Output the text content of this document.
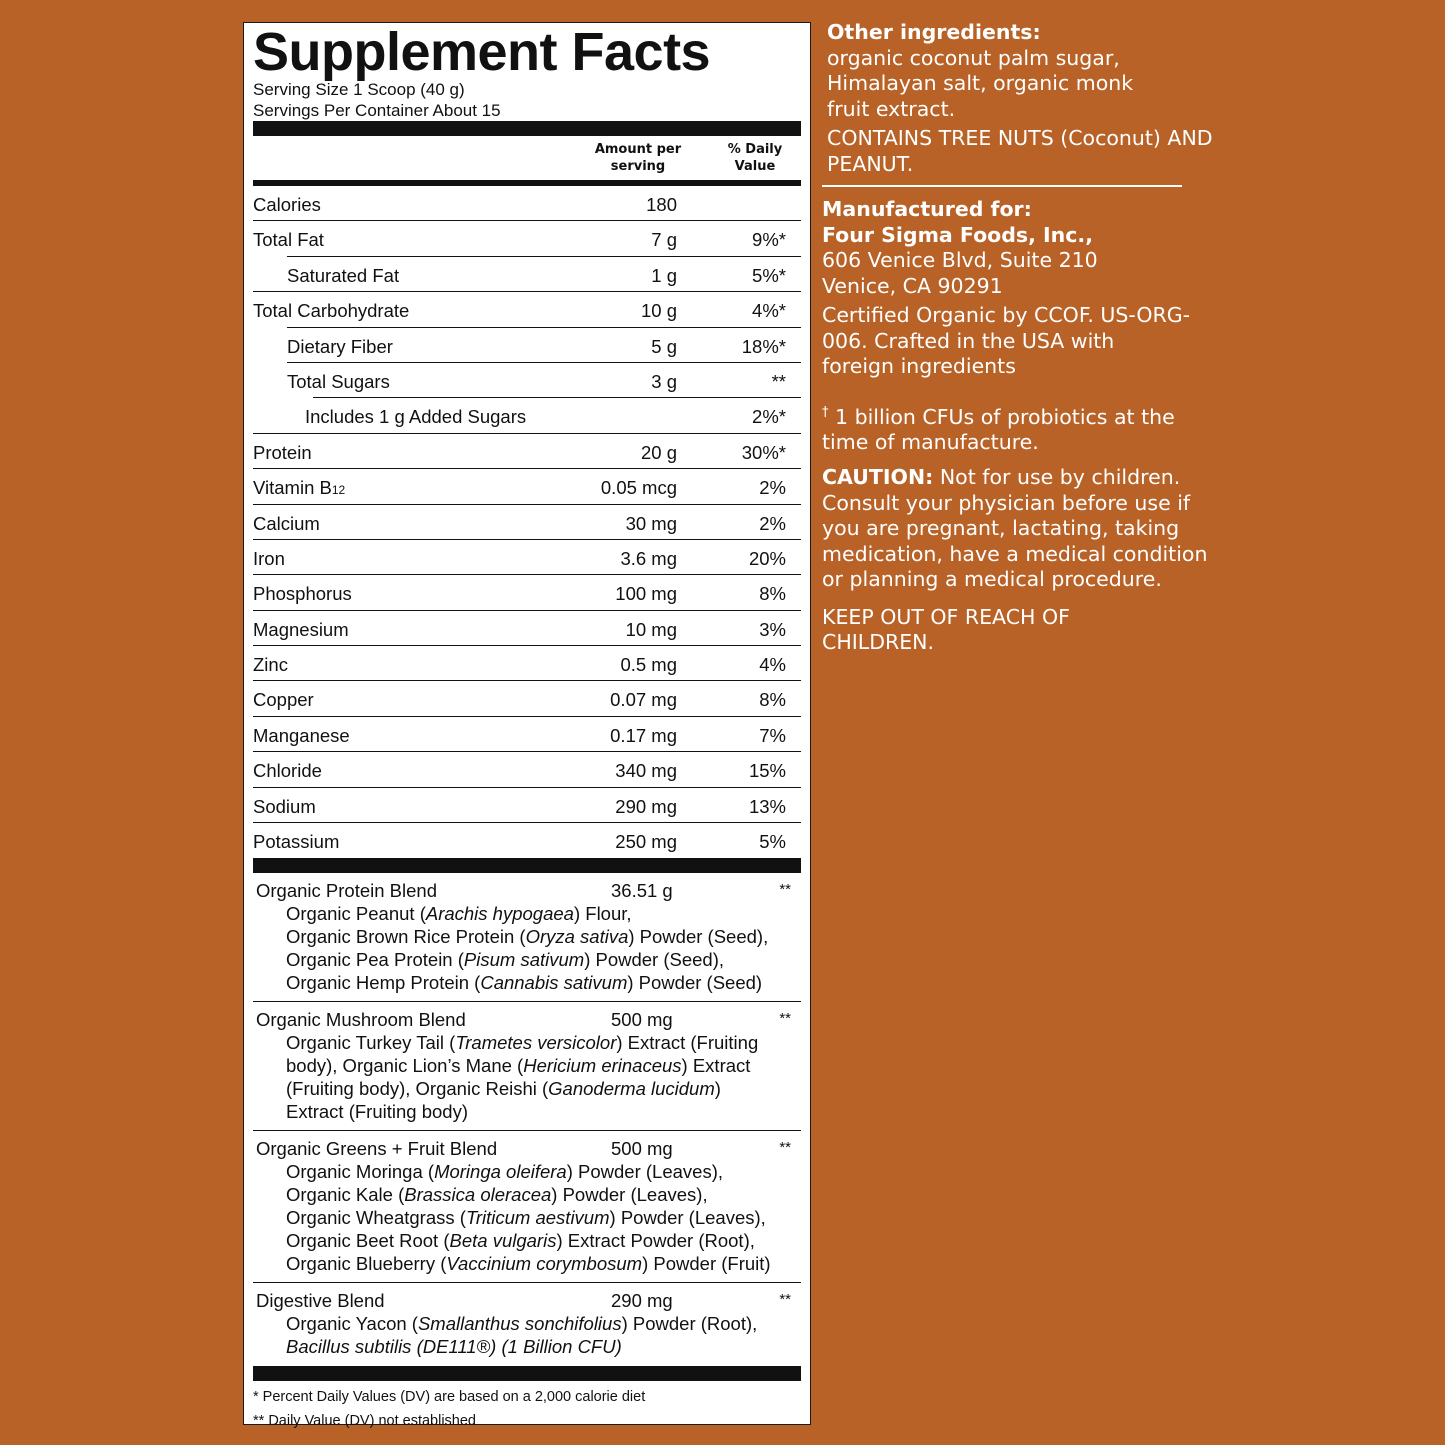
Supplement Facts
Serving Size 1 Scoop (40 g)
Servings Per Container About 15
Amount per
serving
% Daily
Value
Calories	180
Total Fat	7 g	9%*
Saturated Fat	1 g	5%*
Total Carbohydrate	10 g	4%*
Dietary Fiber	5 g	18%*
Total Sugars	3 g	**
Includes 1 g Added Sugars	2%*
Protein	20 g	30%*
Vitamin B12	0.05 mcg	2%
Calcium	30 mg	2%
Iron	3.6 mg	20%
Phosphorus	100 mg	8%
Magnesium	10 mg	3%
Zinc	0.5 mg	4%
Copper	0.07 mg	8%
Manganese	0.17 mg	7%
Chloride	340 mg	15%
Sodium	290 mg	13%
Potassium	250 mg	5%
Organic Protein Blend	36.51 g	**
Organic Peanut (Arachis hypogaea) Flour,
Organic Brown Rice Protein (Oryza sativa) Powder (Seed),
Organic Pea Protein (Pisum sativum) Powder (Seed),
Organic Hemp Protein (Cannabis sativum) Powder (Seed)
Organic Mushroom Blend	500 mg	**
Organic Turkey Tail (Trametes versicolor) Extract (Fruiting
body), Organic Lion’s Mane (Hericium erinaceus) Extract
(Fruiting body), Organic Reishi (Ganoderma lucidum)
Extract (Fruiting body)
Organic Greens + Fruit Blend	500 mg	**
Organic Moringa (Moringa oleifera) Powder (Leaves),
Organic Kale (Brassica oleracea) Powder (Leaves),
Organic Wheatgrass (Triticum aestivum) Powder (Leaves),
Organic Beet Root (Beta vulgaris) Extract Powder (Root),
Organic Blueberry (Vaccinium corymbosum) Powder (Fruit)
Digestive Blend	290 mg	**
Organic Yacon (Smallanthus sonchifolius) Powder (Root),
Bacillus subtilis (DE111®) (1 Billion CFU)
* Percent Daily Values (DV) are based on a 2,000 calorie diet
** Daily Value (DV) not established

Other ingredients:

organic coconut palm sugar, Himalayan salt, organic monk fruit extract.

CONTAINS TREE NUTS (Coconut) AND PEANUT.

Manufactured for:

Four Sigma Foods, Inc.,

606 Venice Blvd, Suite 210

Venice, CA 90291

Certified Organic by CCOF. US-ORG-006. Crafted in the USA with foreign ingredients

† 1 billion CFUs of probiotics at the time of manufacture.

CAUTION: Not for use by children. Consult your physician before use if you are pregnant, lactating, taking medication, have a medical condition or planning a medical procedure.

KEEP OUT OF REACH OF CHILDREN.
